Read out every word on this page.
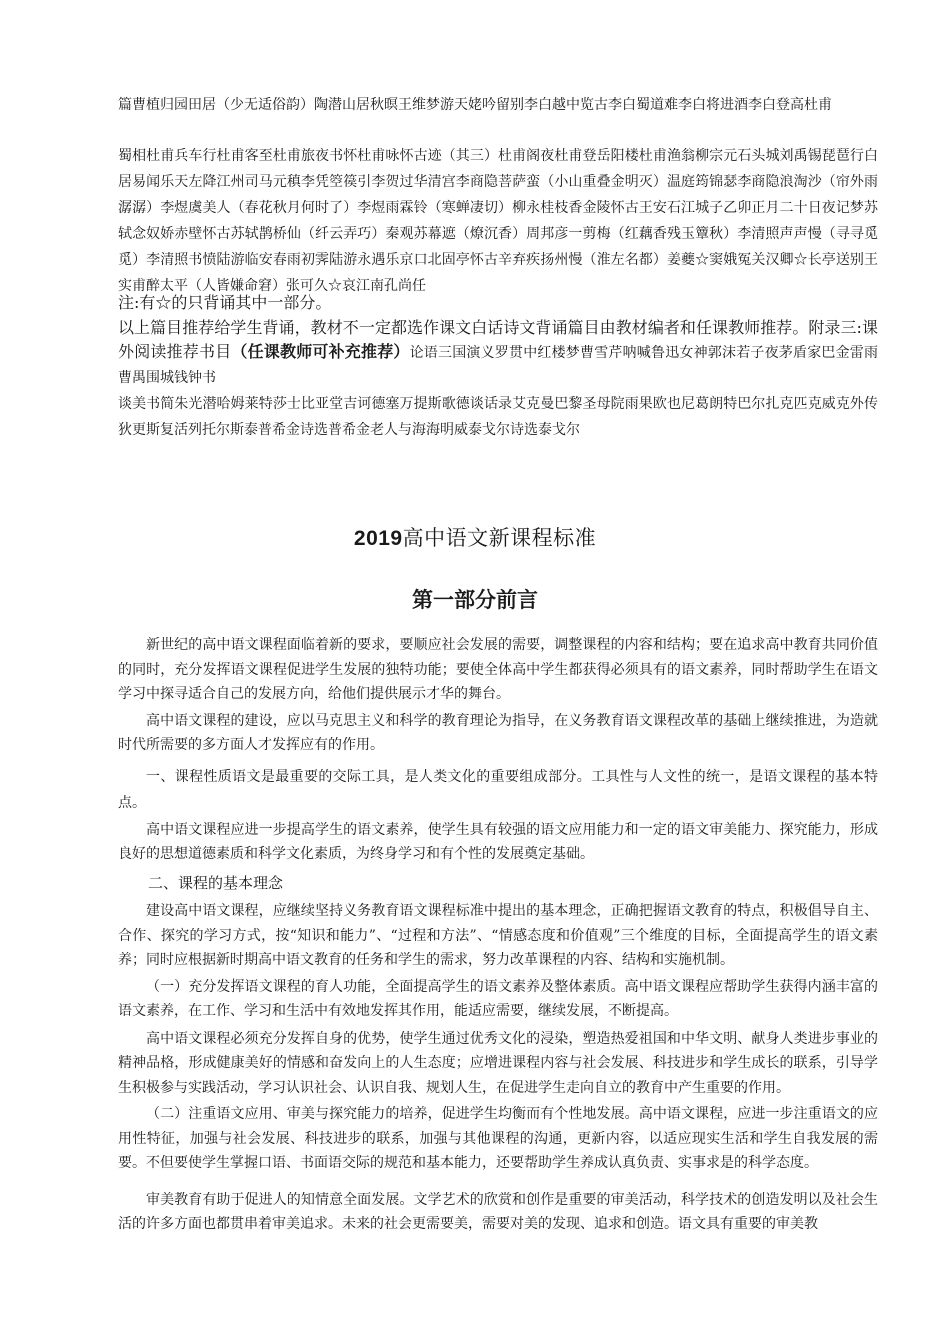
篇曹植归园田居（少无适俗韵）陶潜山居秋暝王维梦游天姥吟留别李白越中览古李白蜀道难李白将进酒李白登高杜甫
蜀相杜甫兵车行杜甫客至杜甫旅夜书怀杜甫咏怀古迹（其三）杜甫阁夜杜甫登岳阳楼杜甫渔翁柳宗元石头城刘禹锡琵琶行白居易闻乐天左降江州司马元稹李凭箜篌引李贺过华清宫李商隐菩萨蛮（小山重叠金明灭）温庭筠锦瑟李商隐浪淘沙（帘外雨潺潺）李煜虞美人（春花秋月何时了）李煜雨霖铃（寒蝉凄切）柳永桂枝香金陵怀古王安石江城子乙卯正月二十日夜记梦苏轼念奴娇赤壁怀古苏轼鹊桥仙（纤云弄巧）秦观苏幕遮（燎沉香）周邦彦一剪梅（红藕香残玉簟秋）李清照声声慢（寻寻觅觅）李清照书愤陆游临安春雨初霁陆游永遇乐京口北固亭怀古辛弃疾扬州慢（淮左名都）姜夔☆窦娥冤关汉卿☆长亭送别王实甫醉太平（人皆嫌命窘）张可久☆哀江南孔尚任
注:有☆的只背诵其中一部分。
以上篇目推荐给学生背诵，教材不一定都选作课文白话诗文背诵篇目由教材编者和任课教师推荐。附录三:课外阅读推荐书目（任课教师可补充推荐）论语三国演义罗贯中红楼梦曹雪芹呐喊鲁迅女神郭沫若子夜茅盾家巴金雷雨曹禺围城钱钟书
谈美书简朱光潜哈姆莱特莎士比亚堂吉诃德塞万提斯歌德谈话录艾克曼巴黎圣母院雨果欧也尼葛朗特巴尔扎克匹克威克外传狄更斯复活列托尔斯泰普希金诗选普希金老人与海海明威泰戈尔诗选泰戈尔
2019高中语文新课程标准
第一部分前言

新世纪的高中语文课程面临着新的要求，要顺应社会发展的需要，调整课程的内容和结构；要在追求高中教育共同价值的同时，充分发挥语文课程促进学生发展的独特功能；要使全体高中学生都获得必须具有的语文素养，同时帮助学生在语文学习中探寻适合自己的发展方向，给他们提供展示才华的舞台。

高中语文课程的建设，应以马克思主义和科学的教育理论为指导，在义务教育语文课程改革的基础上继续推进，为造就时代所需要的多方面人才发挥应有的作用。

一、课程性质语文是最重要的交际工具，是人类文化的重要组成部分。工具性与人文性的统一，是语文课程的基本特点。

高中语文课程应进一步提高学生的语文素养，使学生具有较强的语文应用能力和一定的语文审美能力、探究能力，形成良好的思想道德素质和科学文化素质，为终身学习和有个性的发展奠定基础。

二、课程的基本理念

建设高中语文课程，应继续坚持义务教育语文课程标准中提出的基本理念，正确把握语文教育的特点，积极倡导自主、合作、探究的学习方式，按“知识和能力”、“过程和方法”、“情感态度和价值观”三个维度的目标，全面提高学生的语文素养；同时应根据新时期高中语文教育的任务和学生的需求，努力改革课程的内容、结构和实施机制。

（一）充分发挥语文课程的育人功能，全面提高学生的语文素养及整体素质。高中语文课程应帮助学生获得内涵丰富的语文素养，在工作、学习和生活中有效地发挥其作用，能适应需要，继续发展，不断提高。

高中语文课程必须充分发挥自身的优势，使学生通过优秀文化的浸染，塑造热爱祖国和中华文明、献身人类进步事业的精神品格，形成健康美好的情感和奋发向上的人生态度；应增进课程内容与社会发展、科技进步和学生成长的联系，引导学生积极参与实践活动，学习认识社会、认识自我、规划人生，在促进学生走向自立的教育中产生重要的作用。

（二）注重语文应用、审美与探究能力的培养，促进学生均衡而有个性地发展。高中语文课程，应进一步注重语文的应用性特征，加强与社会发展、科技进步的联系，加强与其他课程的沟通，更新内容，以适应现实生活和学生自我发展的需要。不但要使学生掌握口语、书面语交际的规范和基本能力，还要帮助学生养成认真负责、实事求是的科学态度。

审美教育有助于促进人的知情意全面发展。文学艺术的欣赏和创作是重要的审美活动，科学技术的创造发明以及社会生活的许多方面也都贯串着审美追求。未来的社会更需要美，需要对美的发现、追求和创造。语文具有重要的审美教
